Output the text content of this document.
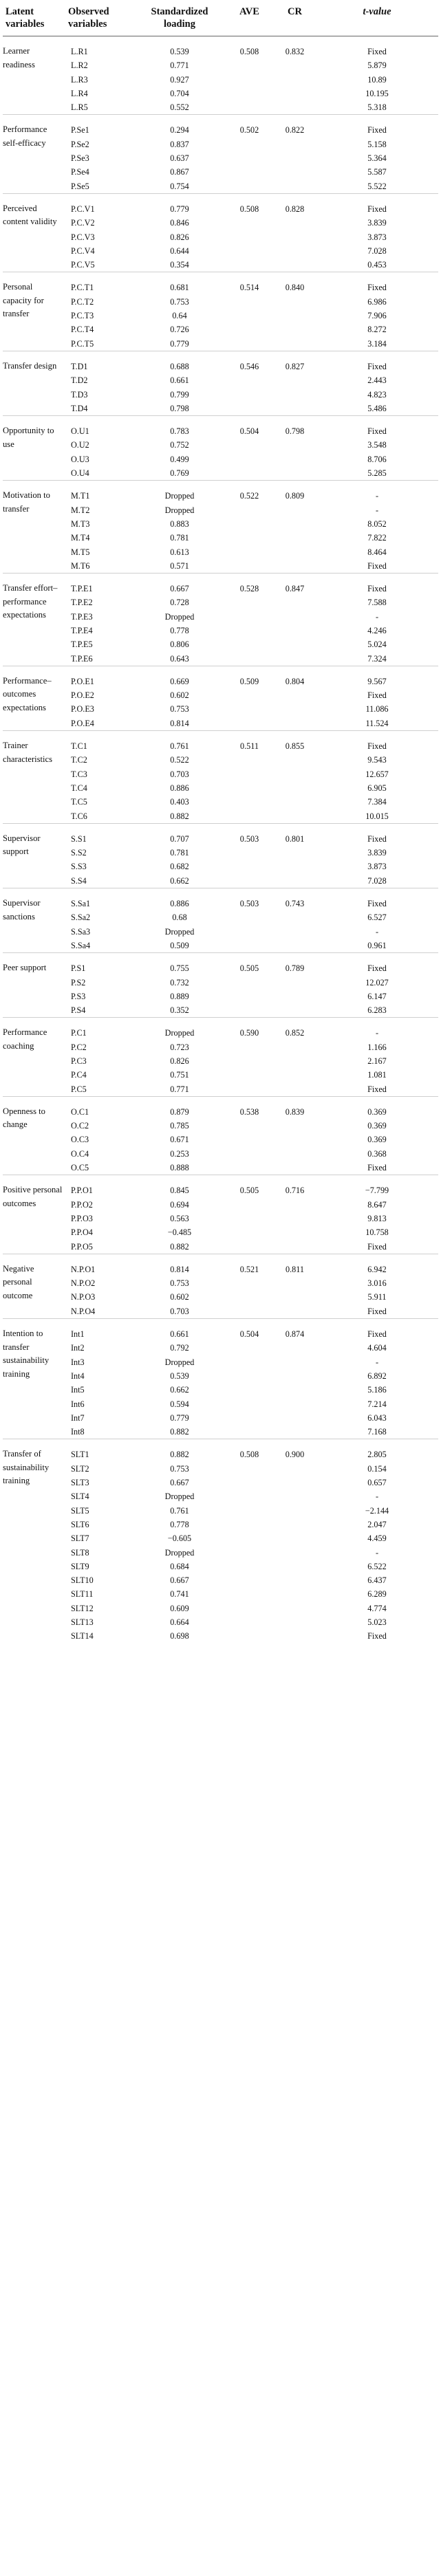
Latent variables	Observed variables	Standardized loading	AVE	CR	t-value
Learner readiness	L.R1	0.539	0.508	0.832	Fixed
	L.R2	0.771			5.879
	L.R3	0.927			10.89
	L.R4	0.704			10.195
	L.R5	0.552			5.318
Performance self-efficacy	P.Se1	0.294	0.502	0.822	Fixed
	P.Se2	0.837			5.158
	P.Se3	0.637			5.364
	P.Se4	0.867			5.587
	P.Se5	0.754			5.522
Perceived content validity	P.C.V1	0.779	0.508	0.828	Fixed
	P.C.V2	0.846			3.839
	P.C.V3	0.826			3.873
	P.C.V4	0.644			7.028
	P.C.V5	0.354			0.453
Personal capacity for transfer	P.C.T1	0.681	0.514	0.840	Fixed
	P.C.T2	0.753			6.986
	P.C.T3	0.64			7.906
	P.C.T4	0.726			8.272
	P.C.T5	0.779			3.184
Transfer design	T.D1	0.688	0.546	0.827	Fixed
	T.D2	0.661			2.443
	T.D3	0.799			4.823
	T.D4	0.798			5.486
Opportunity to use	O.U1	0.783	0.504	0.798	Fixed
	O.U2	0.752			3.548
	O.U3	0.499			8.706
	O.U4	0.769			5.285
Motivation to transfer	M.T1	Dropped	0.522	0.809	-
	M.T2	Dropped			-
	M.T3	0.883			8.052
	M.T4	0.781			7.822
	M.T5	0.613			8.464
	M.T6	0.571			Fixed
Transfer effort–performance expectations	T.P.E1	0.667	0.528	0.847	Fixed
	T.P.E2	0.728			7.588
	T.P.E3	Dropped			-
	T.P.E4	0.778			4.246
	T.P.E5	0.806			5.024
	T.P.E6	0.643			7.324
Performance–outcomes expectations	P.O.E1	0.669	0.509	0.804	9.567
	P.O.E2	0.602			Fixed
	P.O.E3	0.753			11.086
	P.O.E4	0.814			11.524
Trainer characteristics	T.C1	0.761	0.511	0.855	Fixed
	T.C2	0.522			9.543
	T.C3	0.703			12.657
	T.C4	0.886			6.905
	T.C5	0.403			7.384
	T.C6	0.882			10.015
Supervisor support	S.S1	0.707	0.503	0.801	Fixed
	S.S2	0.781			3.839
	S.S3	0.682			3.873
	S.S4	0.662			7.028
Supervisor sanctions	S.Sa1	0.886	0.503	0.743	Fixed
	S.Sa2	0.68			6.527
	S.Sa3	Dropped			-
	S.Sa4	0.509			0.961
Peer support	P.S1	0.755	0.505	0.789	Fixed
	P.S2	0.732			12.027
	P.S3	0.889			6.147
	P.S4	0.352			6.283
Performance coaching	P.C1	Dropped	0.590	0.852	-
	P.C2	0.723			1.166
	P.C3	0.826			2.167
	P.C4	0.751			1.081
	P.C5	0.771			Fixed
Openness to change	O.C1	0.879	0.538	0.839	0.369
	O.C2	0.785			0.369
	O.C3	0.671			0.369
	O.C4	0.253			0.368
	O.C5	0.888			Fixed
Positive personal outcomes	P.P.O1	0.845	0.505	0.716	−7.799
	P.P.O2	0.694			8.647
	P.P.O3	0.563			9.813
	P.P.O4	−0.485			10.758
	P.P.O5	0.882			Fixed
Negative personal outcome	N.P.O1	0.814	0.521	0.811	6.942
	N.P.O2	0.753			3.016
	N.P.O3	0.602			5.911
	N.P.O4	0.703			Fixed
Intention to transfer sustainability training	Int1	0.661	0.504	0.874	Fixed
	Int2	0.792			4.604
	Int3	Dropped			-
	Int4	0.539			6.892
	Int5	0.662			5.186
	Int6	0.594			7.214
	Int7	0.779			6.043
	Int8	0.882			7.168
Transfer of sustainability training	SLT1	0.882	0.508	0.900	2.805
	SLT2	0.753			0.154
	SLT3	0.667			0.657
	SLT4	Dropped			-
	SLT5	0.761			−2.144
	SLT6	0.778			2.047
	SLT7	−0.605			4.459
	SLT8	Dropped			-
	SLT9	0.684			6.522
	SLT10	0.667			6.437
	SLT11	0.741			6.289
	SLT12	0.609			4.774
	SLT13	0.664			5.023
	SLT14	0.698			Fixed
